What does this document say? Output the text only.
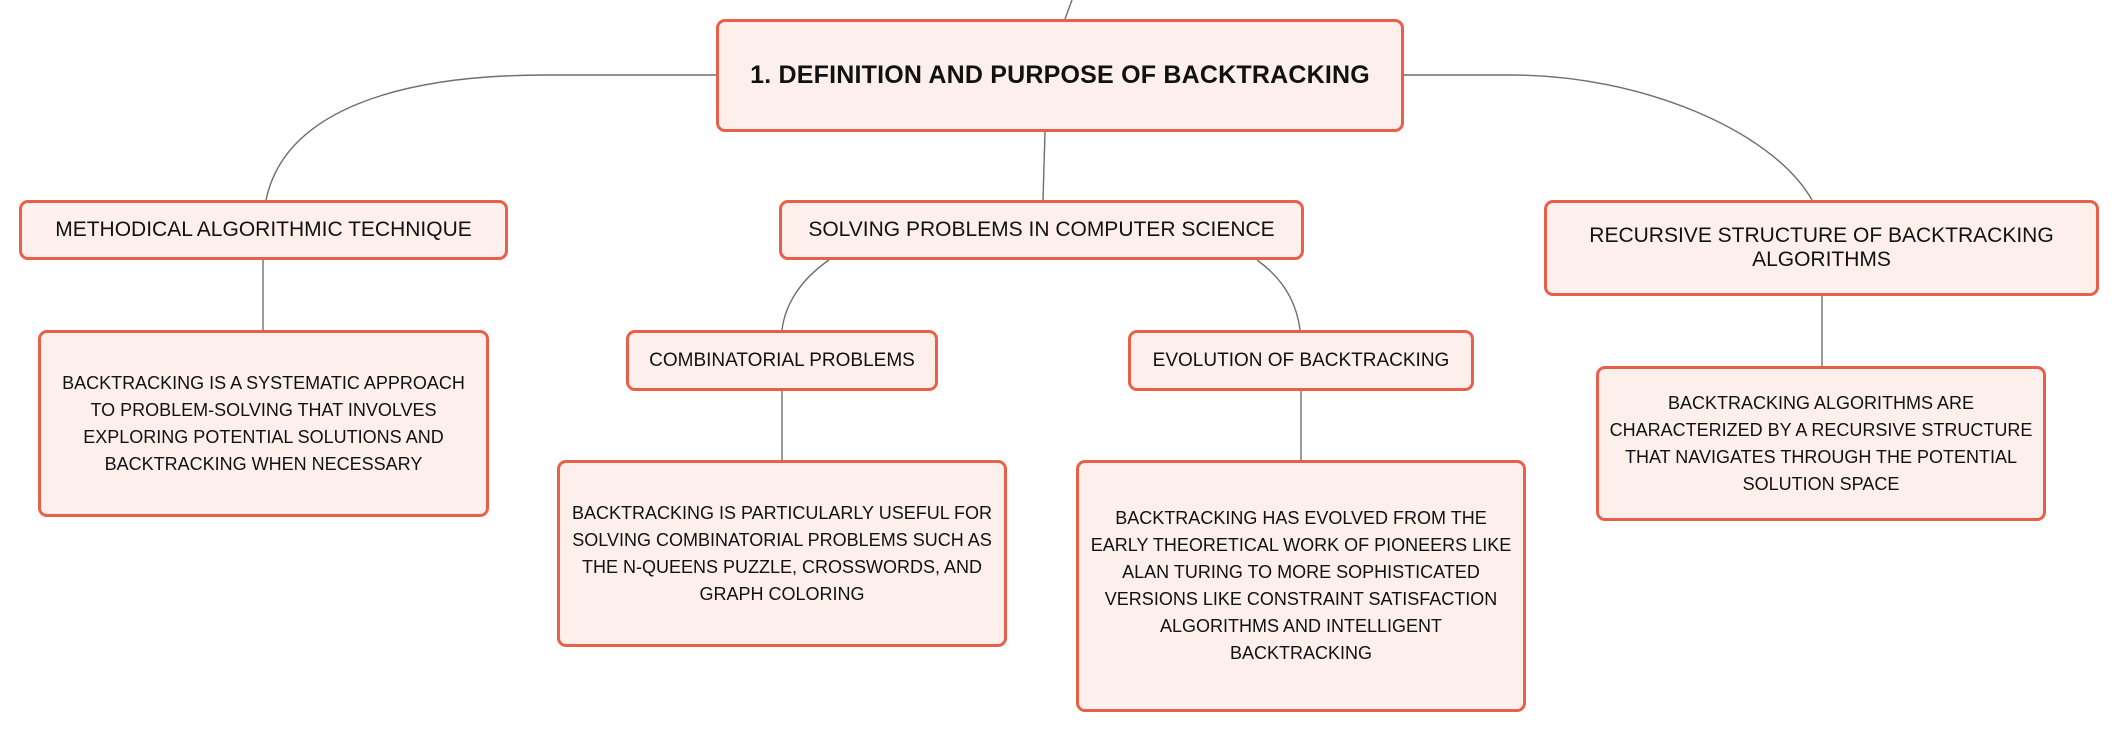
1. DEFINITION AND PURPOSE OF BACKTRACKING
METHODICAL ALGORITHMIC TECHNIQUE	SOLVING PROBLEMS IN COMPUTER SCIENCE	RECURSIVE STRUCTURE OF BACKTRACKING ALGORITHMS
COMBINATORIAL PROBLEMS	EVOLUTION OF BACKTRACKING
BACKTRACKING IS A SYSTEMATIC APPROACH TO PROBLEM-SOLVING THAT INVOLVES EXPLORING POTENTIAL SOLUTIONS AND BACKTRACKING WHEN NECESSARY
BACKTRACKING ALGORITHMS ARE CHARACTERIZED BY A RECURSIVE STRUCTURE THAT NAVIGATES THROUGH THE POTENTIAL SOLUTION SPACE
BACKTRACKING IS PARTICULARLY USEFUL FOR SOLVING COMBINATORIAL PROBLEMS SUCH AS THE N-QUEENS PUZZLE, CROSSWORDS, AND GRAPH COLORING
BACKTRACKING HAS EVOLVED FROM THE EARLY THEORETICAL WORK OF PIONEERS LIKE ALAN TURING TO MORE SOPHISTICATED VERSIONS LIKE CONSTRAINT SATISFACTION ALGORITHMS AND INTELLIGENT BACKTRACKING
